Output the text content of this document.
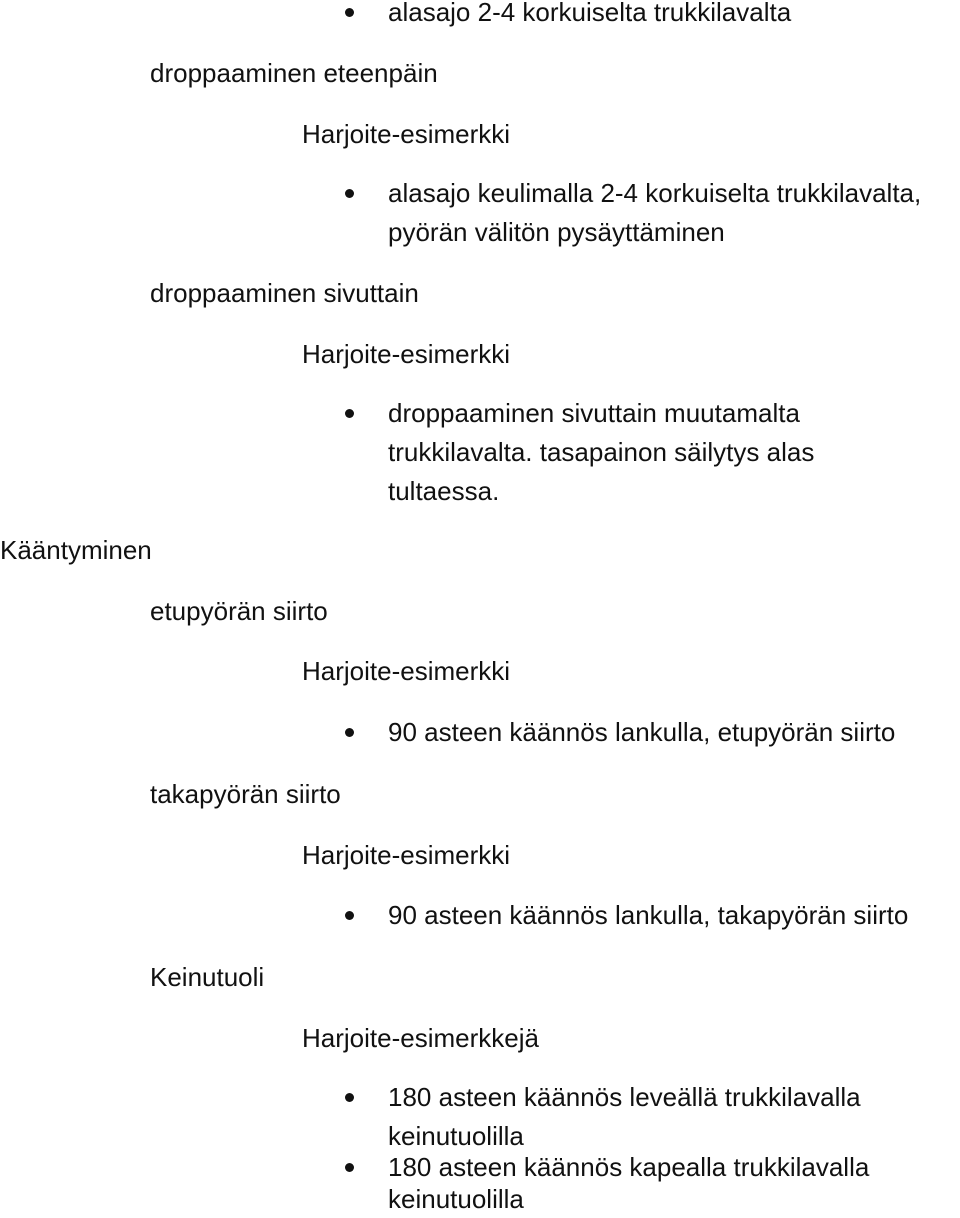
alasajo 2-4 korkuiselta trukkilavalta

droppaaminen eteenpäin

Harjoite-esimerkki

alasajo keulimalla 2-4 korkuiselta trukkilavalta,

pyörän välitön pysäyttäminen

droppaaminen sivuttain

Harjoite-esimerkki

droppaaminen sivuttain muutamalta

trukkilavalta. tasapainon säilytys alas

tultaessa.

Kääntyminen

etupyörän siirto

Harjoite-esimerkki

90 asteen käännös lankulla, etupyörän siirto

takapyörän siirto

Harjoite-esimerkki

90 asteen käännös lankulla, takapyörän siirto

Keinutuoli

Harjoite-esimerkkejä

180 asteen käännös leveällä trukkilavalla

keinutuolilla

180 asteen käännös kapealla trukkilavalla

keinutuolilla
